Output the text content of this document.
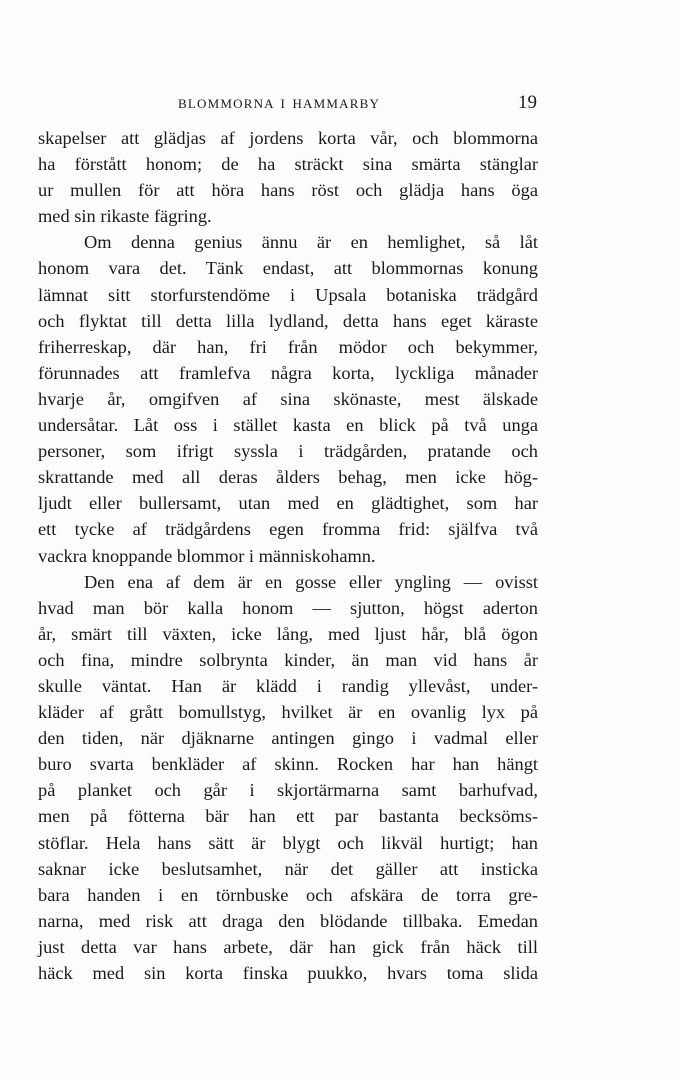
BLOMMORNA I HAMMARBY	19
skapelser att glädjas af jordens korta vår, och blommorna
ha förstått honom; de ha sträckt sina smärta stänglar
ur mullen för att höra hans röst och glädja hans öga
med sin rikaste fägring.
Om denna genius ännu är en hemlighet, så låt
honom vara det. Tänk endast, att blommornas konung
lämnat sitt storfurstendöme i Upsala botaniska trädgård
och flyktat till detta lilla lydland, detta hans eget käraste
friherreskap, där han, fri från mödor och bekymmer,
förunnades att framlefva några korta, lyckliga månader
hvarje år, omgifven af sina skönaste, mest älskade
undersåtar. Låt oss i stället kasta en blick på två unga
personer, som ifrigt syssla i trädgården, pratande och
skrattande med all deras ålders behag, men icke hög-
ljudt eller bullersamt, utan med en glädtighet, som har
ett tycke af trädgårdens egen fromma frid: själfva två
vackra knoppande blommor i människohamn.
Den ena af dem är en gosse eller yngling — ovisst
hvad man bör kalla honom — sjutton, högst aderton
år, smärt till växten, icke lång, med ljust hår, blå ögon
och fina, mindre solbrynta kinder, än man vid hans år
skulle väntat. Han är klädd i randig yllevåst, under-
kläder af grått bomullstyg, hvilket är en ovanlig lyx på
den tiden, när djäknarne antingen gingo i vadmal eller
buro svarta benkläder af skinn. Rocken har han hängt
på planket och går i skjortärmarna samt barhufvad,
men på fötterna bär han ett par bastanta becksöms-
stöflar. Hela hans sätt är blygt och likväl hurtigt; han
saknar icke beslutsamhet, när det gäller att insticka
bara handen i en törnbuske och afskära de torra gre-
narna, med risk att draga den blödande tillbaka. Emedan
just detta var hans arbete, där han gick från häck till
häck med sin korta finska puukko, hvars toma slida
